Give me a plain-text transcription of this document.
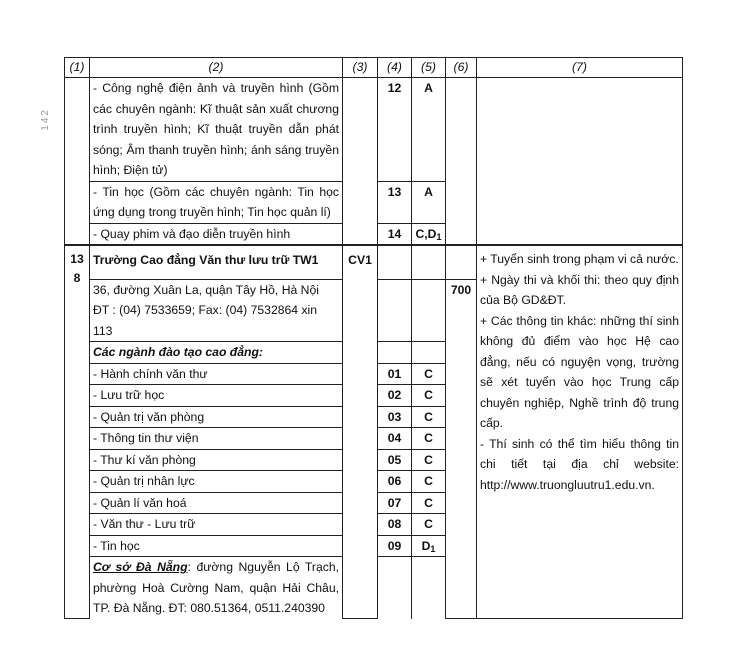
142
(1)	(2)	(3)	(4)	(5)	(6)	(7)
	- Công nghệ điện ảnh và truyền hình (Gồm các chuyên ngành: Kĩ thuật sản xuất chương trình truyền hình; Kĩ thuật truyền dẫn phát sóng; Âm thanh truyền hình; ánh sáng truyền hình; Điện tử)		12	A		
	- Tin học (Gồm các chuyên ngành: Tin học ứng dụng trong truyền hình; Tin học quản lí)		13	A		
	- Quay phim và đạo diễn truyền hình		14	$C,D_1$
138	Trường Cao đẳng Văn thư lưu trữ TW1	CV1				+ Tuyển sinh trong phạm vi cả nước.

+ Ngày thi và khối thi: theo quy định của Bộ GD&ĐT.

+ Các thông tin khác: những thí sinh không đủ điểm vào học Hệ cao đẳng, nếu có nguyện vọng, trường sẽ xét tuyển vào học Trung cấp chuyên nghiệp, Nghề trình độ trung cấp.

- Thí sinh có thể tìm hiểu thông tin chi tiết tại địa chỉ website: http://www.truongluutru1.edu.vn.

	36, đường Xuân La, quận Tây Hồ, Hà Nội
ĐT : (04) 7533659; Fax: (04) 7532864 xin 113				700	
	Các ngành đào tạo cao đẳng:					
	- Hành chính văn thư		01	C		
	- Lưu trữ học		02	C		
	- Quản trị văn phòng		03	C		
	- Thông tin thư viện		04	C		
	- Thư kí văn phòng		05	C		
	- Quản trị nhân lực		06	C		
	- Quản lí văn hoá		07	C		
	- Văn thư - Lưu trữ		08	C		
	- Tin học		09	$D_1$
	Cơ sở Đà Nẵng: đường Nguyễn Lộ Trạch, phường Hoà Cường Nam, quận Hải Châu, TP. Đà Nẵng. ĐT: 080.51364, 0511.240390					
